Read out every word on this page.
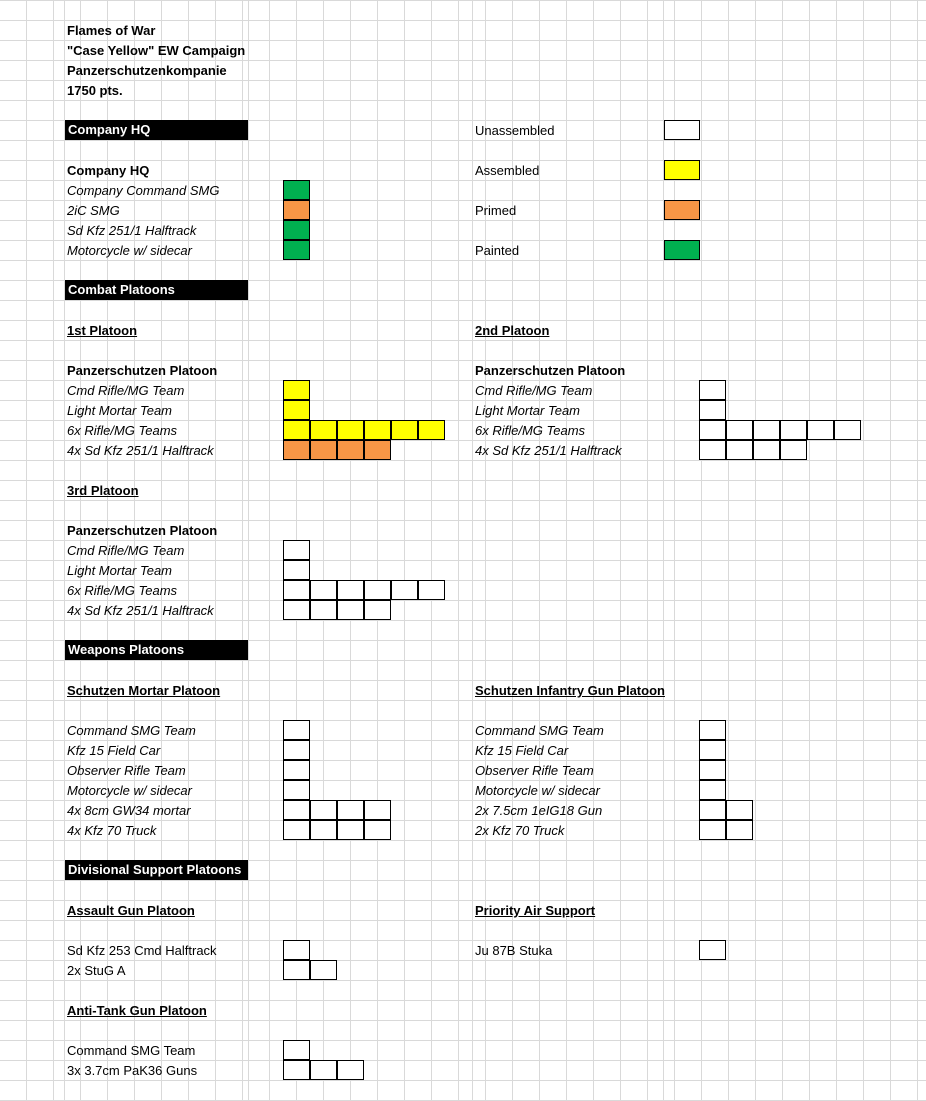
Flames of War
"Case Yellow" EW Campaign
Panzerschutzenkompanie
1750 pts.
Unassembled
Assembled
Primed
Painted
Company HQ
Company HQ
Company Command SMG
2iC SMG
Sd Kfz 251/1 Halftrack
Motorcycle w/ sidecar
Combat Platoons
1st Platoon
Panzerschutzen Platoon
Cmd Rifle/MG Team
Light Mortar Team
6x Rifle/MG Teams
4x Sd Kfz 251/1 Halftrack
2nd Platoon
Panzerschutzen Platoon
Cmd Rifle/MG Team
Light Mortar Team
6x Rifle/MG Teams
4x Sd Kfz 251/1 Halftrack
3rd Platoon
Panzerschutzen Platoon
Cmd Rifle/MG Team
Light Mortar Team
6x Rifle/MG Teams
4x Sd Kfz 251/1 Halftrack
Weapons Platoons
Schutzen Mortar Platoon
Command SMG Team
Kfz 15 Field Car
Observer Rifle Team
Motorcycle w/ sidecar
4x 8cm GW34 mortar
4x Kfz 70 Truck
Schutzen Infantry Gun Platoon
Command SMG Team
Kfz 15 Field Car
Observer Rifle Team
Motorcycle w/ sidecar
2x 7.5cm 1eIG18 Gun
2x Kfz 70 Truck
Divisional Support Platoons
Assault Gun Platoon
Sd Kfz 253 Cmd Halftrack
2x StuG A
Priority Air Support
Ju 87B Stuka
Anti-Tank Gun Platoon
Command SMG Team
3x 3.7cm PaK36 Guns
